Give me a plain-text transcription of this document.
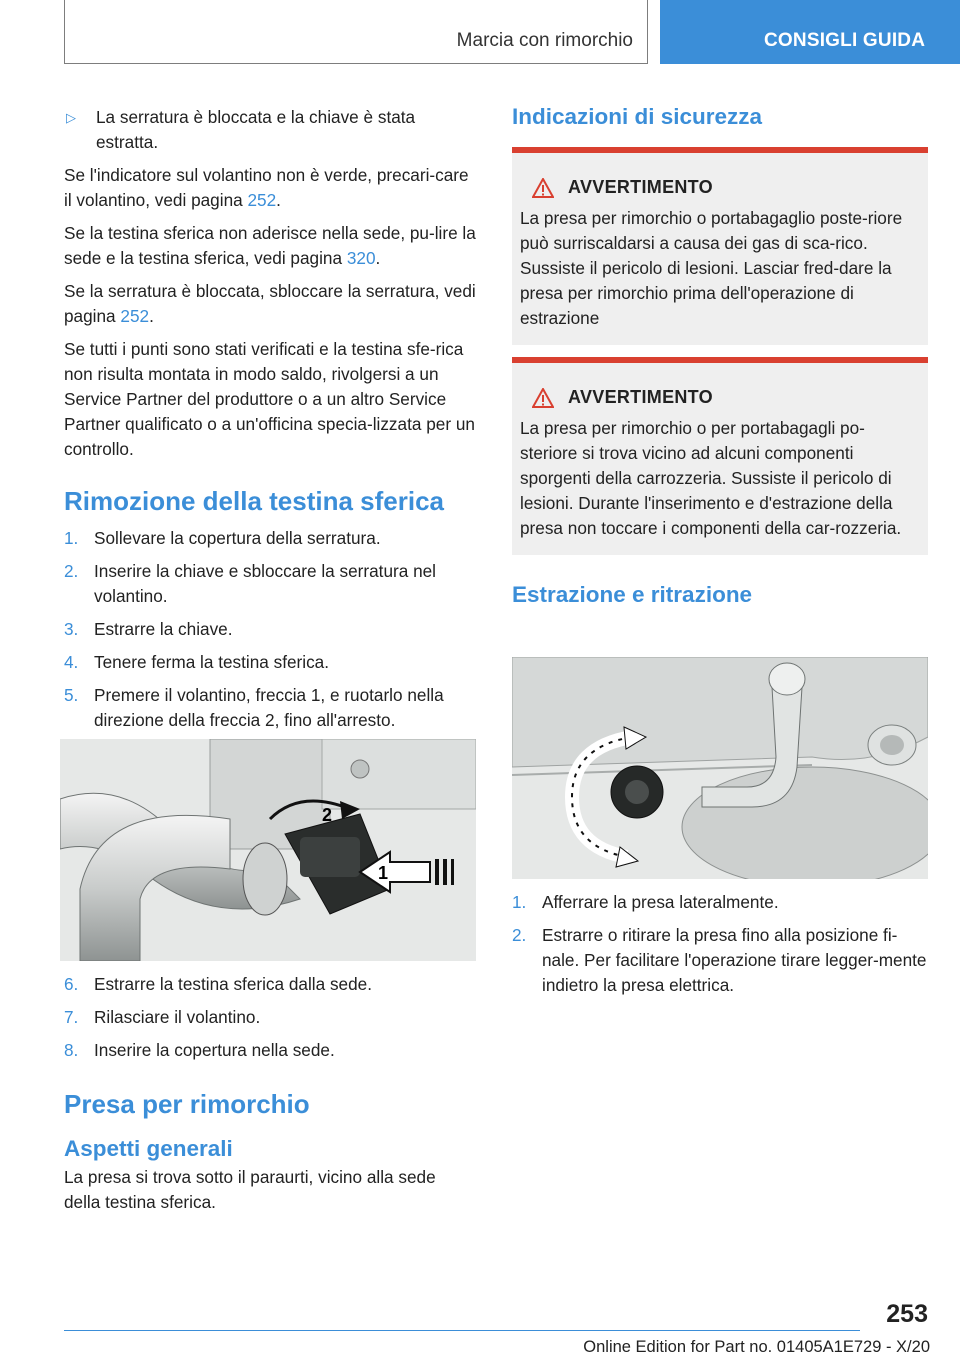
Marcia con rimorchio	CONSIGLI GUIDA
▷	La serratura è bloccata e la chiave è stata estratta.

Se l'indicatore sul volantino non è verde, precari-care il volantino, vedi pagina 252.

Se la testina sferica non aderisce nella sede, pu-lire la sede e la testina sferica, vedi pagina 320.

Se la serratura è bloccata, sbloccare la serratura, vedi pagina 252.

Se tutti i punti sono stati verificati e la testina sfe-rica non risulta montata in modo saldo, rivolgersi a un Service Partner del produttore o a un altro Service Partner qualificato o a un'officina specia-lizzata per un controllo.

Rimozione della testina sferica
1. Sollevare la copertura della serratura.
2. Inserire la chiave e sbloccare la serratura nel volantino.
3. Estrarre la chiave.
4. Tenere ferma la testina sferica.
5. Premere il volantino, freccia 1, e ruotarlo nella direzione della freccia 2, fino all'arresto.
1
2
6. Estrarre la testina sferica dalla sede.
7. Rilasciare il volantino.
8. Inserire la copertura nella sede.
Presa per rimorchio
Aspetti generali

La presa si trova sotto il paraurti, vicino alla sede della testina sferica.

Indicazioni di sicurezza
AVVERTIMENTO
La presa per rimorchio o portabagaglio poste-riore può surriscaldarsi a causa dei gas di sca-rico. Sussiste il pericolo di lesioni. Lasciar fred-dare la presa per rimorchio prima dell'operazione di estrazione
AVVERTIMENTO
La presa per rimorchio o per portabagagli po-steriore si trova vicino ad alcuni componenti sporgenti della carrozzeria. Sussiste il pericolo di lesioni. Durante l'inserimento e d'estrazione della presa non toccare i componenti della car-rozzeria.
Estrazione e ritrazione
1. Afferrare la presa lateralmente.
2. Estrarre o ritirare la presa fino alla posizione fi-nale. Per facilitare l'operazione tirare legger-mente indietro la presa elettrica.
253
Online Edition for Part no. 01405A1E729 - X/20
